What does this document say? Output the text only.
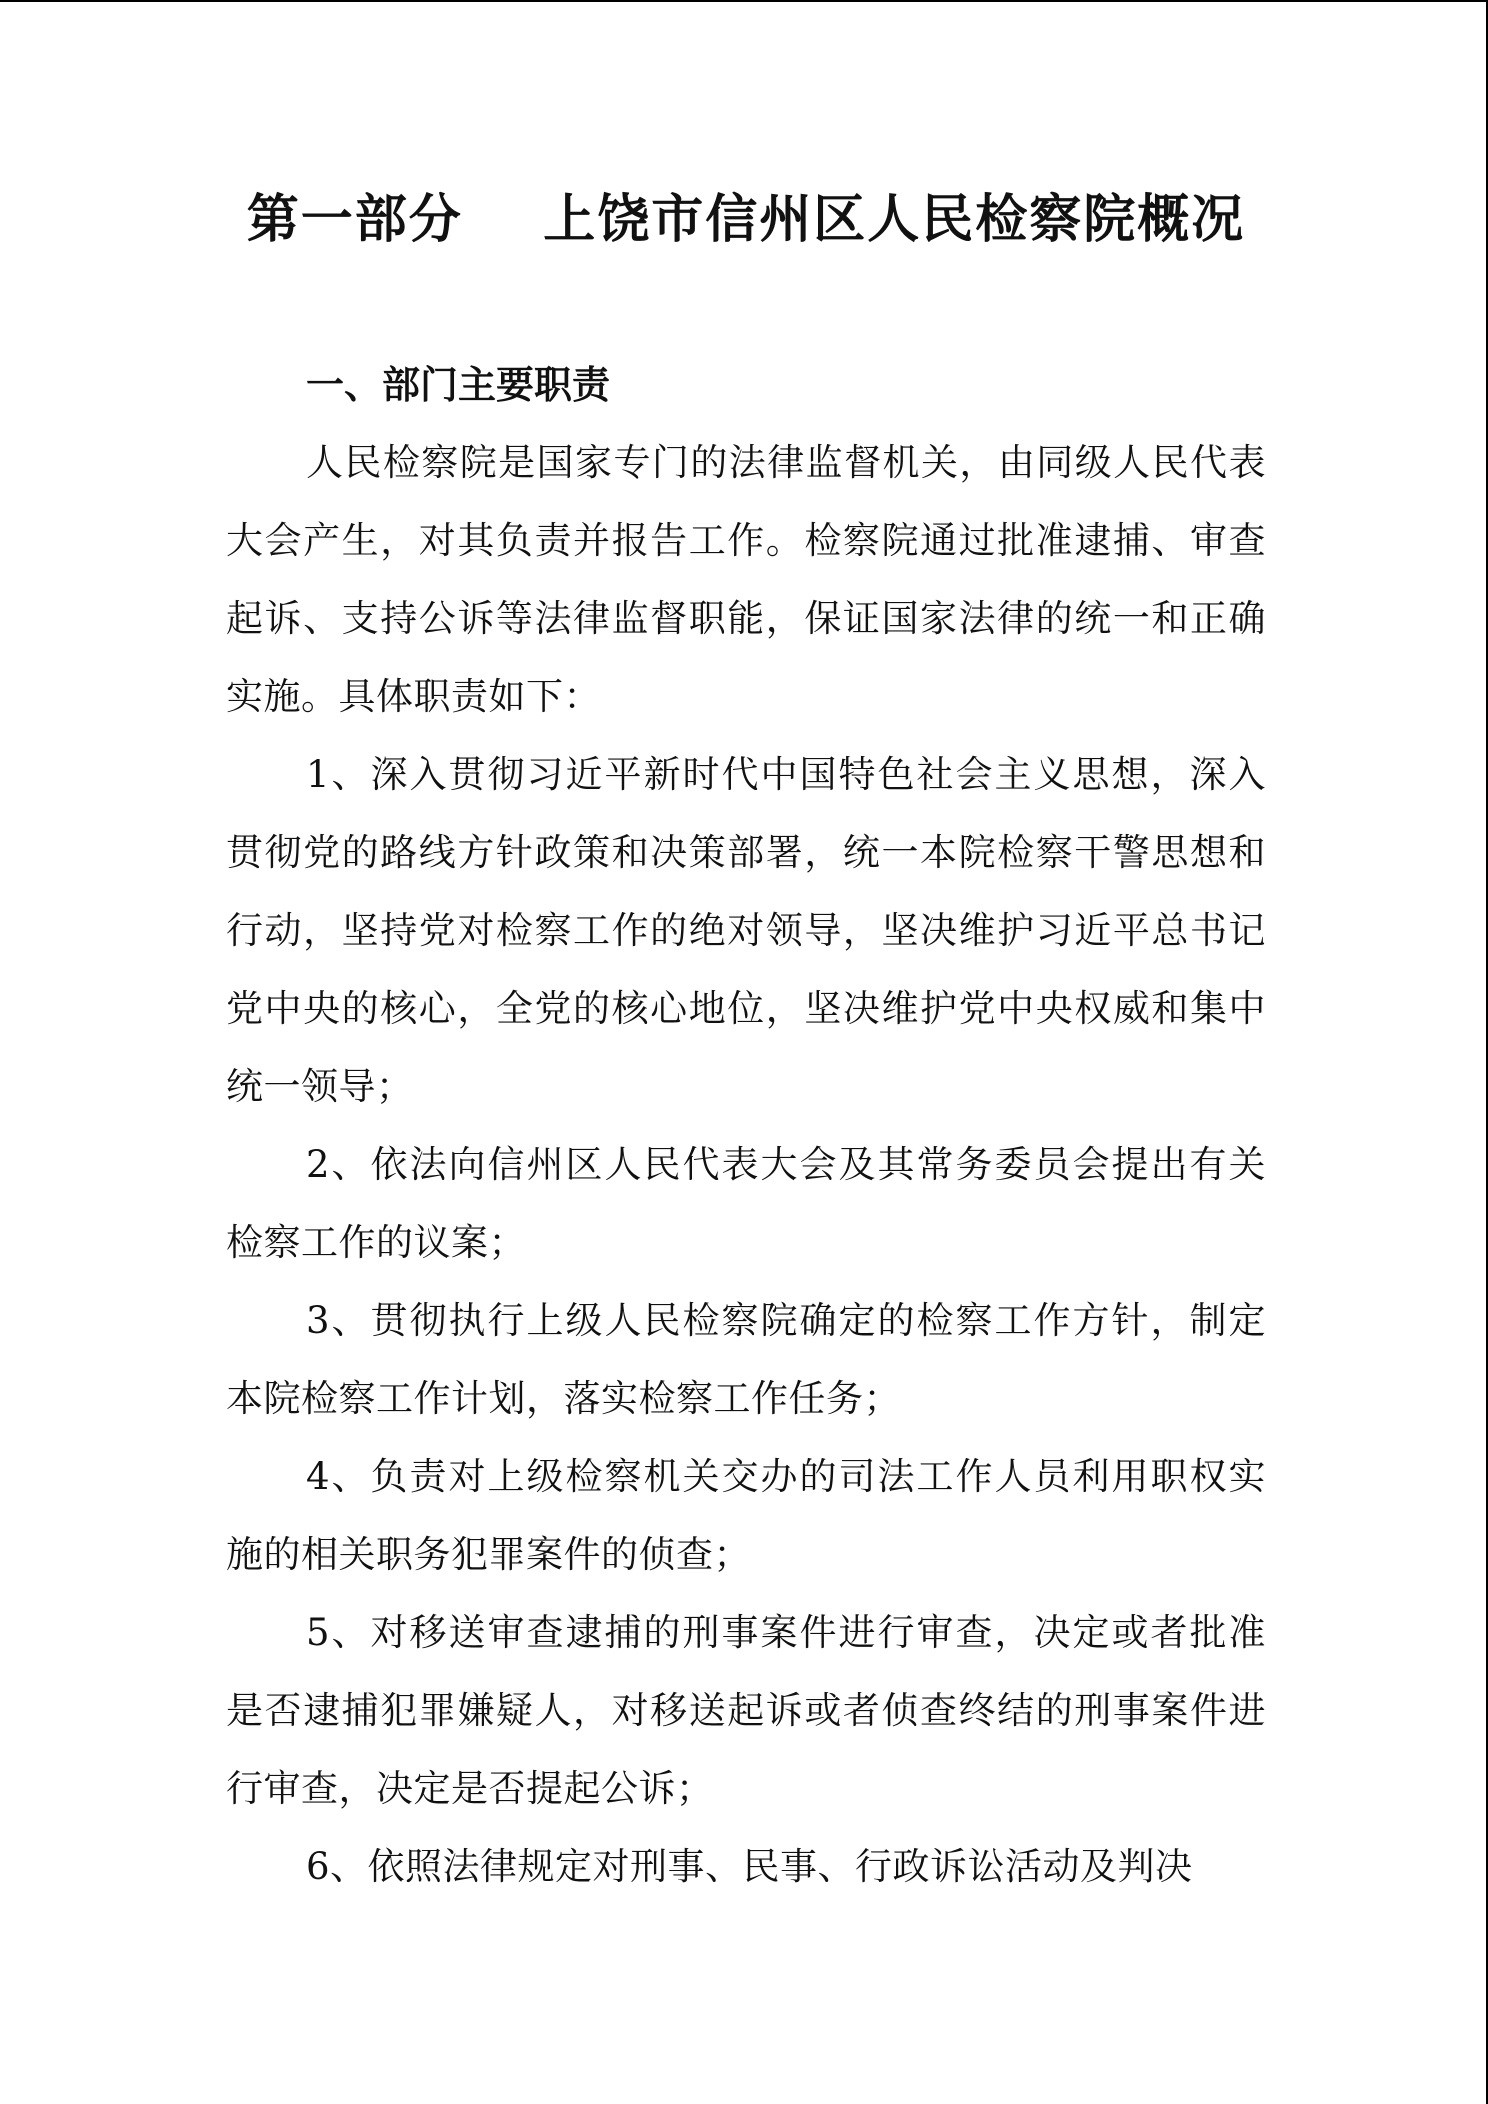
第一部分    上饶市信州区人民检察院概况
一、部门主要职责

人民检察院是国家专门的法律监督机关，由同级人民代表大会产生，对其负责并报告工作。检察院通过批准逮捕、审查起诉、支持公诉等法律监督职能，保证国家法律的统一和正确实施。具体职责如下：

1、深入贯彻习近平新时代中国特色社会主义思想，深入贯彻党的路线方针政策和决策部署，统一本院检察干警思想和行动，坚持党对检察工作的绝对领导，坚决维护习近平总书记党中央的核心，全党的核心地位，坚决维护党中央权威和集中统一领导；

2、依法向信州区人民代表大会及其常务委员会提出有关检察工作的议案；

3、贯彻执行上级人民检察院确定的检察工作方针，制定本院检察工作计划，落实检察工作任务；

4、负责对上级检察机关交办的司法工作人员利用职权实施的相关职务犯罪案件的侦查；

5、对移送审查逮捕的刑事案件进行审查，决定或者批准是否逮捕犯罪嫌疑人，对移送起诉或者侦查终结的刑事案件进行审查，决定是否提起公诉；

6、依照法律规定对刑事、民事、行政诉讼活动及判决
